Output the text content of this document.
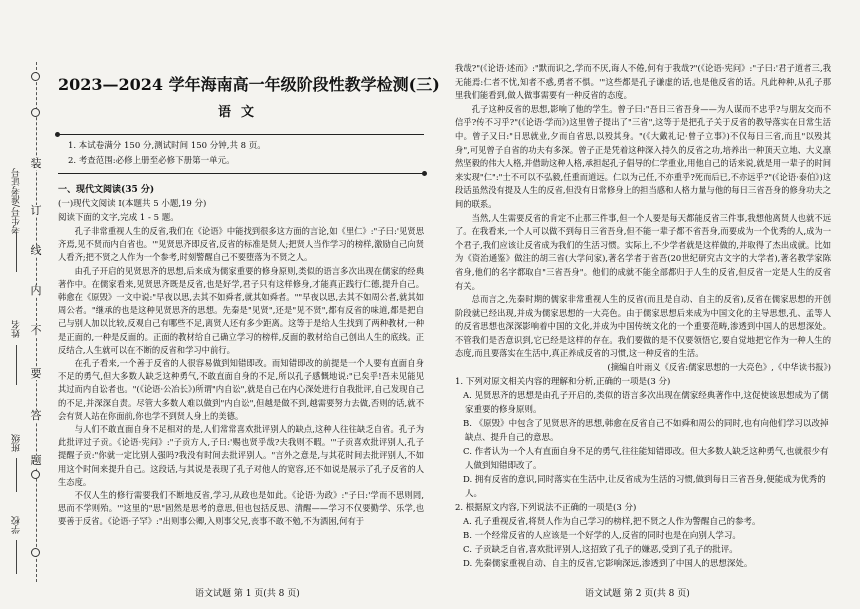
装
订
线
内
不
要
答
题
考生号/准考证号
姓名
班级
学校
2023—2024 学年海南高一年级阶段性教学检测(三)
语文
1. 本试卷满分 150 分,测试时间 150 分钟,共 8 页。
2. 考查范围:必修上册至必修下册第一单元。
一、现代文阅读(35 分)
(一)现代文阅读 I(本题共 5 小题,19 分)
阅读下面的文字,完成 1 - 5 题。

孔子非常重视人生的反省,我们在《论语》中能找到很多这方面的言论,如《里仁》:"子曰:'见贤思齐焉,见不贤而内自省也。'"见贤思齐即反省,反省的标准是贤人;把贤人当作学习的榜样,激励自己向贤人看齐;把不贤之人作为一个参考,时刻警醒自己不要堕落为不贤之人。

由孔子开启的见贤思齐的思想,后来成为儒家重要的修身原则,类似的语言多次出现在儒家的经典著作中。在儒家看来,见贤思齐既是反省,也是好学,君子只有这样修身,才能真正践行仁德,提升自己。韩愈在《原毁》一文中说:"早夜以思,去其不如舜者,就其如舜者。""早夜以思,去其不如周公者,就其如周公者。"继承的也是这种见贤思齐的思想。先秦是"见贤",还是"见不贤",都有反省的味道,都是把自己与别人加以比较,反观自己有哪些不足,离贤人还有多少距离。这等于是给人生找到了两种教材,一种是正面的,一种是反面的。正面的教材给自己确立学习的榜样,反面的教材给自己创出人生的底线。正反结合,人生就可以在不断的反省和学习中前行。

在孔子看来,一个善于反省的人很容易做到知错即改。而知错即改的前提是一个人要有直面自身不足的勇气,但大多数人缺乏这种勇气,不敢直面自身的不足,所以孔子感慨地说:"已矣乎!吾未见能见其过而内自讼者也。"(《论语·公冶长》)所谓"内自讼",就是自己在内心深处进行自我批评,自己发现自己的不足,并深深自责。尽管大多数人难以做到"内自讼",但越是做不到,越需要努力去做,否则的话,就不会有贤人站在你面前,你也学不到贤人身上的美德。

与人们不敢直面自身不足相对的是,人们常常喜欢批评别人的缺点,这种人往往缺乏自省。孔子为此批评过子贡。《论语·宪问》:"子贡方人,子曰:'赐也贤乎哉?夫我则不暇。'"子贡喜欢批评别人,孔子提醒子贡:"你就一定比别人强吗?我没有时间去批评别人。"言外之意是,与其花时间去批评别人,不如用这个时间来提升自己。这段话,与其说是表现了孔子对他人的宽容,还不如说是展示了孔子反省的人生态度。

不仅人生的修行需要我们不断地反省,学习,从政也是如此。《论语·为政》:"子曰:'学而不思则罔,思而不学则殆。'"这里的"思"固然是思考的意思,但也包括反思、清醒——学习不仅要勤学、乐学,也要善于反省。《论语·子罕》:"出则事公卿,入则事父兄,丧事不敢不勉,不为酒困,何有于

语文试题 第 1 页(共 8 页)

我哉?"(《论语·述而》:"默而识之,学而不厌,诲人不倦,何有于我哉?"(《论语·宪问》:"子曰:'君子道者三,我无能焉:仁者不忧,知者不惑,勇者不惧。'"这些都是孔子谦虚的话,也是他反省的话。凡此种种,从孔子那里我们能看到,做人做事需要有一种反省的态度。

孔子这种反省的思想,影响了他的学生。曾子曰:"吾日三省吾身——为人谋而不忠乎?与朋友交而不信乎?传不习乎?"(《论语·学而》)这里曾子提出了"三省",这等于是把孔子关于反省的教导落实在日常生活中。曾子又曰:"日思就业,夕而自省思,以殁其身。"(《大戴礼记·曾子立事》)不仅每日三省,而且"以殁其身",可见曾子自省的功夫有多深。曾子正是凭着这种深入持久的反省之功,培养出一种顶天立地、大义凛然坚毅的伟大人格,并借助这种人格,承担起孔子倡导的仁学重业,用他自己的话来说,就是用一辈子的时间来实现"仁":"士不可以不弘毅,任重而道远。仁以为己任,不亦重乎?死而后已,不亦远乎?"(《论语·泰伯》)这段话虽然没有提及人生的反省,但没有日常修身上的担当感和人格力量与他的每日三省吾身的修身功夫之间的联系。

当然,人生需要反省的肯定不止那三件事,但一个人要是每天都能反省三件事,我想他离贤人也就不远了。在我看来,一个人可以做不到每日三省吾身,但不能一辈子都不省吾身,而要成为一个优秀的人,成为一个君子,我们应该让反省成为我们的生活习惯。实际上,不少学者就是这样做的,并取得了杰出成就。比如为《资治通鉴》做注的胡三省(大学问家),著名学者于省吾(20世纪研究古文字的大学者),著名教学家陈省身,他们的名字都取自"三省吾身"。他们的成就不能全部都归于人生的反省,但反省一定是人生的反省有关。

总而言之,先秦时期的儒家非常重视人生的反省(而且是自动、自主的反省),反省在儒家思想的开创阶段就已经出现,并成为儒家思想的一大亮色。由于儒家思想后来成为中国文化的主导思想,孔、孟等人的反省思想也深深影响着中国的文化,并成为中国传统文化的一个重要范畴,渗透到中国人的思想深处。不管我们是否意识到,它已经是这样的存在。我们要做的是不仅要领悟它,要自觉地把它作为一种人生的态度,而且要落实在生活中,真正养成反省的习惯,这一种反省的生活。

(摘编自叶雨义《反省:儒家思想的一大亮色》,《中华读书报》)

1. 下列对原文相关内容的理解和分析,正确的一项是(3 分)

A. 见贤思齐的思想是由孔子开启的,类似的语言多次出现在儒家经典著作中,这促使该思想成为了儒家重要的修身原则。

B. 《原毁》中包含了见贤思齐的思想,韩愈在反省自己不如舜和周公的同时,也有向他们学习以改掉缺点、提升自己的意思。

C. 作者认为一个人有直面自身不足的勇气,往往能知错即改。但大多数人缺乏这种勇气,也就很少有人做到知错即改了。

D. 拥有反省的意识,同时落实在生活中,让反省成为生活的习惯,做到每日三省吾身,便能成为优秀的人。

2. 根据原文内容,下列说法不正确的一项是(3 分)

A. 孔子重视反省,将贤人作为自己学习的榜样,把不贤之人作为警醒自己的参考。

B. 一个经常反省的人应该是一个好学的人,反省的同时也是在向别人学习。

C. 子贡缺乏自省,喜欢批评别人,这招致了孔子的嫌恶,受到了孔子的批评。

D. 先秦儒家重视自动、自主的反省,它影响深远,渗透到了中国人的思想深处。

语文试题 第 2 页(共 8 页)
